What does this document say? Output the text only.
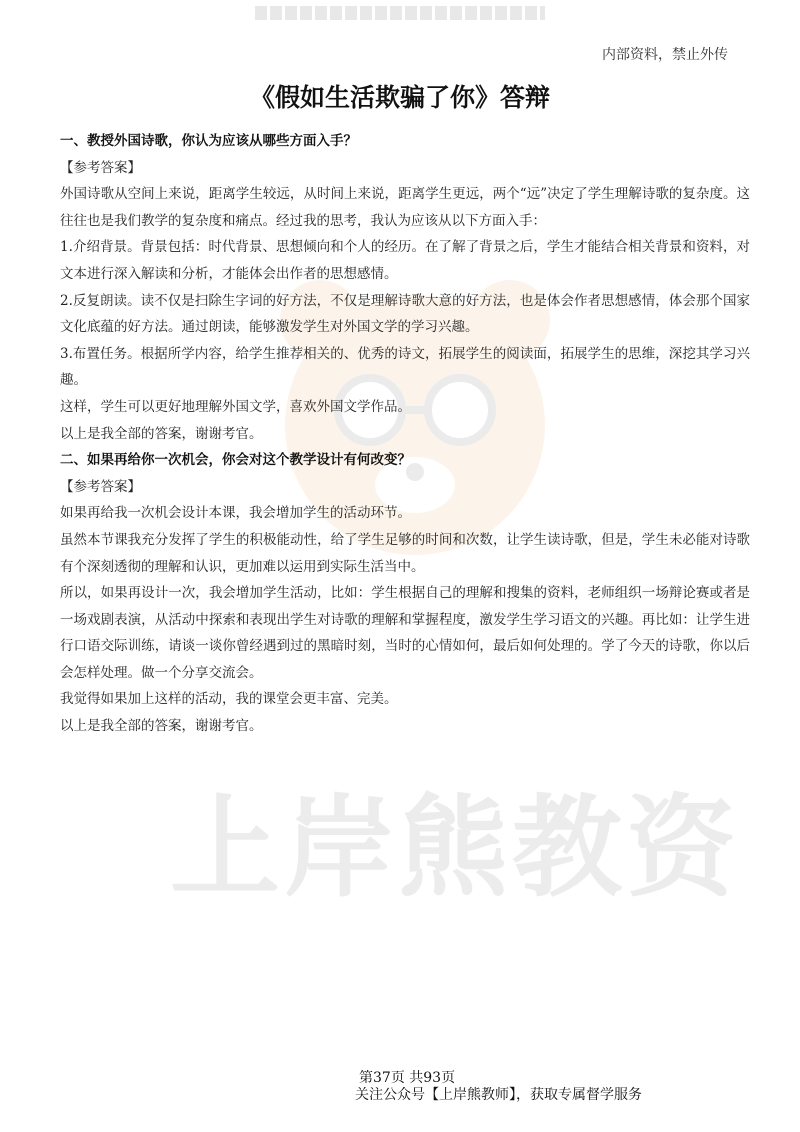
上岸熊教资
内部资料，禁止外传
《假如生活欺骗了你》答辩

一、教授外国诗歌，你认为应该从哪些方面入手？

【参考答案】

外国诗歌从空间上来说，距离学生较远，从时间上来说，距离学生更远，两个“远”决定了学生理解诗歌的复杂度。这往往也是我们教学的复杂度和痛点。经过我的思考，我认为应该从以下方面入手：

1.介绍背景。背景包括：时代背景、思想倾向和个人的经历。在了解了背景之后，学生才能结合相关背景和资料，对文本进行深入解读和分析，才能体会出作者的思想感情。

2.反复朗读。读不仅是扫除生字词的好方法，不仅是理解诗歌大意的好方法，也是体会作者思想感情，体会那个国家文化底蕴的好方法。通过朗读，能够激发学生对外国文学的学习兴趣。

3.布置任务。根据所学内容，给学生推荐相关的、优秀的诗文，拓展学生的阅读面，拓展学生的思维，深挖其学习兴趣。

这样，学生可以更好地理解外国文学，喜欢外国文学作品。

以上是我全部的答案，谢谢考官。

二、如果再给你一次机会，你会对这个教学设计有何改变？

【参考答案】

如果再给我一次机会设计本课，我会增加学生的活动环节。

虽然本节课我充分发挥了学生的积极能动性，给了学生足够的时间和次数，让学生读诗歌，但是，学生未必能对诗歌有个深刻透彻的理解和认识，更加难以运用到实际生活当中。

所以，如果再设计一次，我会增加学生活动，比如：学生根据自己的理解和搜集的资料，老师组织一场辩论赛或者是一场戏剧表演，从活动中探索和表现出学生对诗歌的理解和掌握程度，激发学生学习语文的兴趣。再比如：让学生进行口语交际训练，请谈一谈你曾经遇到过的黑暗时刻，当时的心情如何，最后如何处理的。学了今天的诗歌，你以后会怎样处理。做一个分享交流会。

我觉得如果加上这样的活动，我的课堂会更丰富、完美。

以上是我全部的答案，谢谢考官。

第37页 共93页
关注公众号【上岸熊教师】，获取专属督学服务
